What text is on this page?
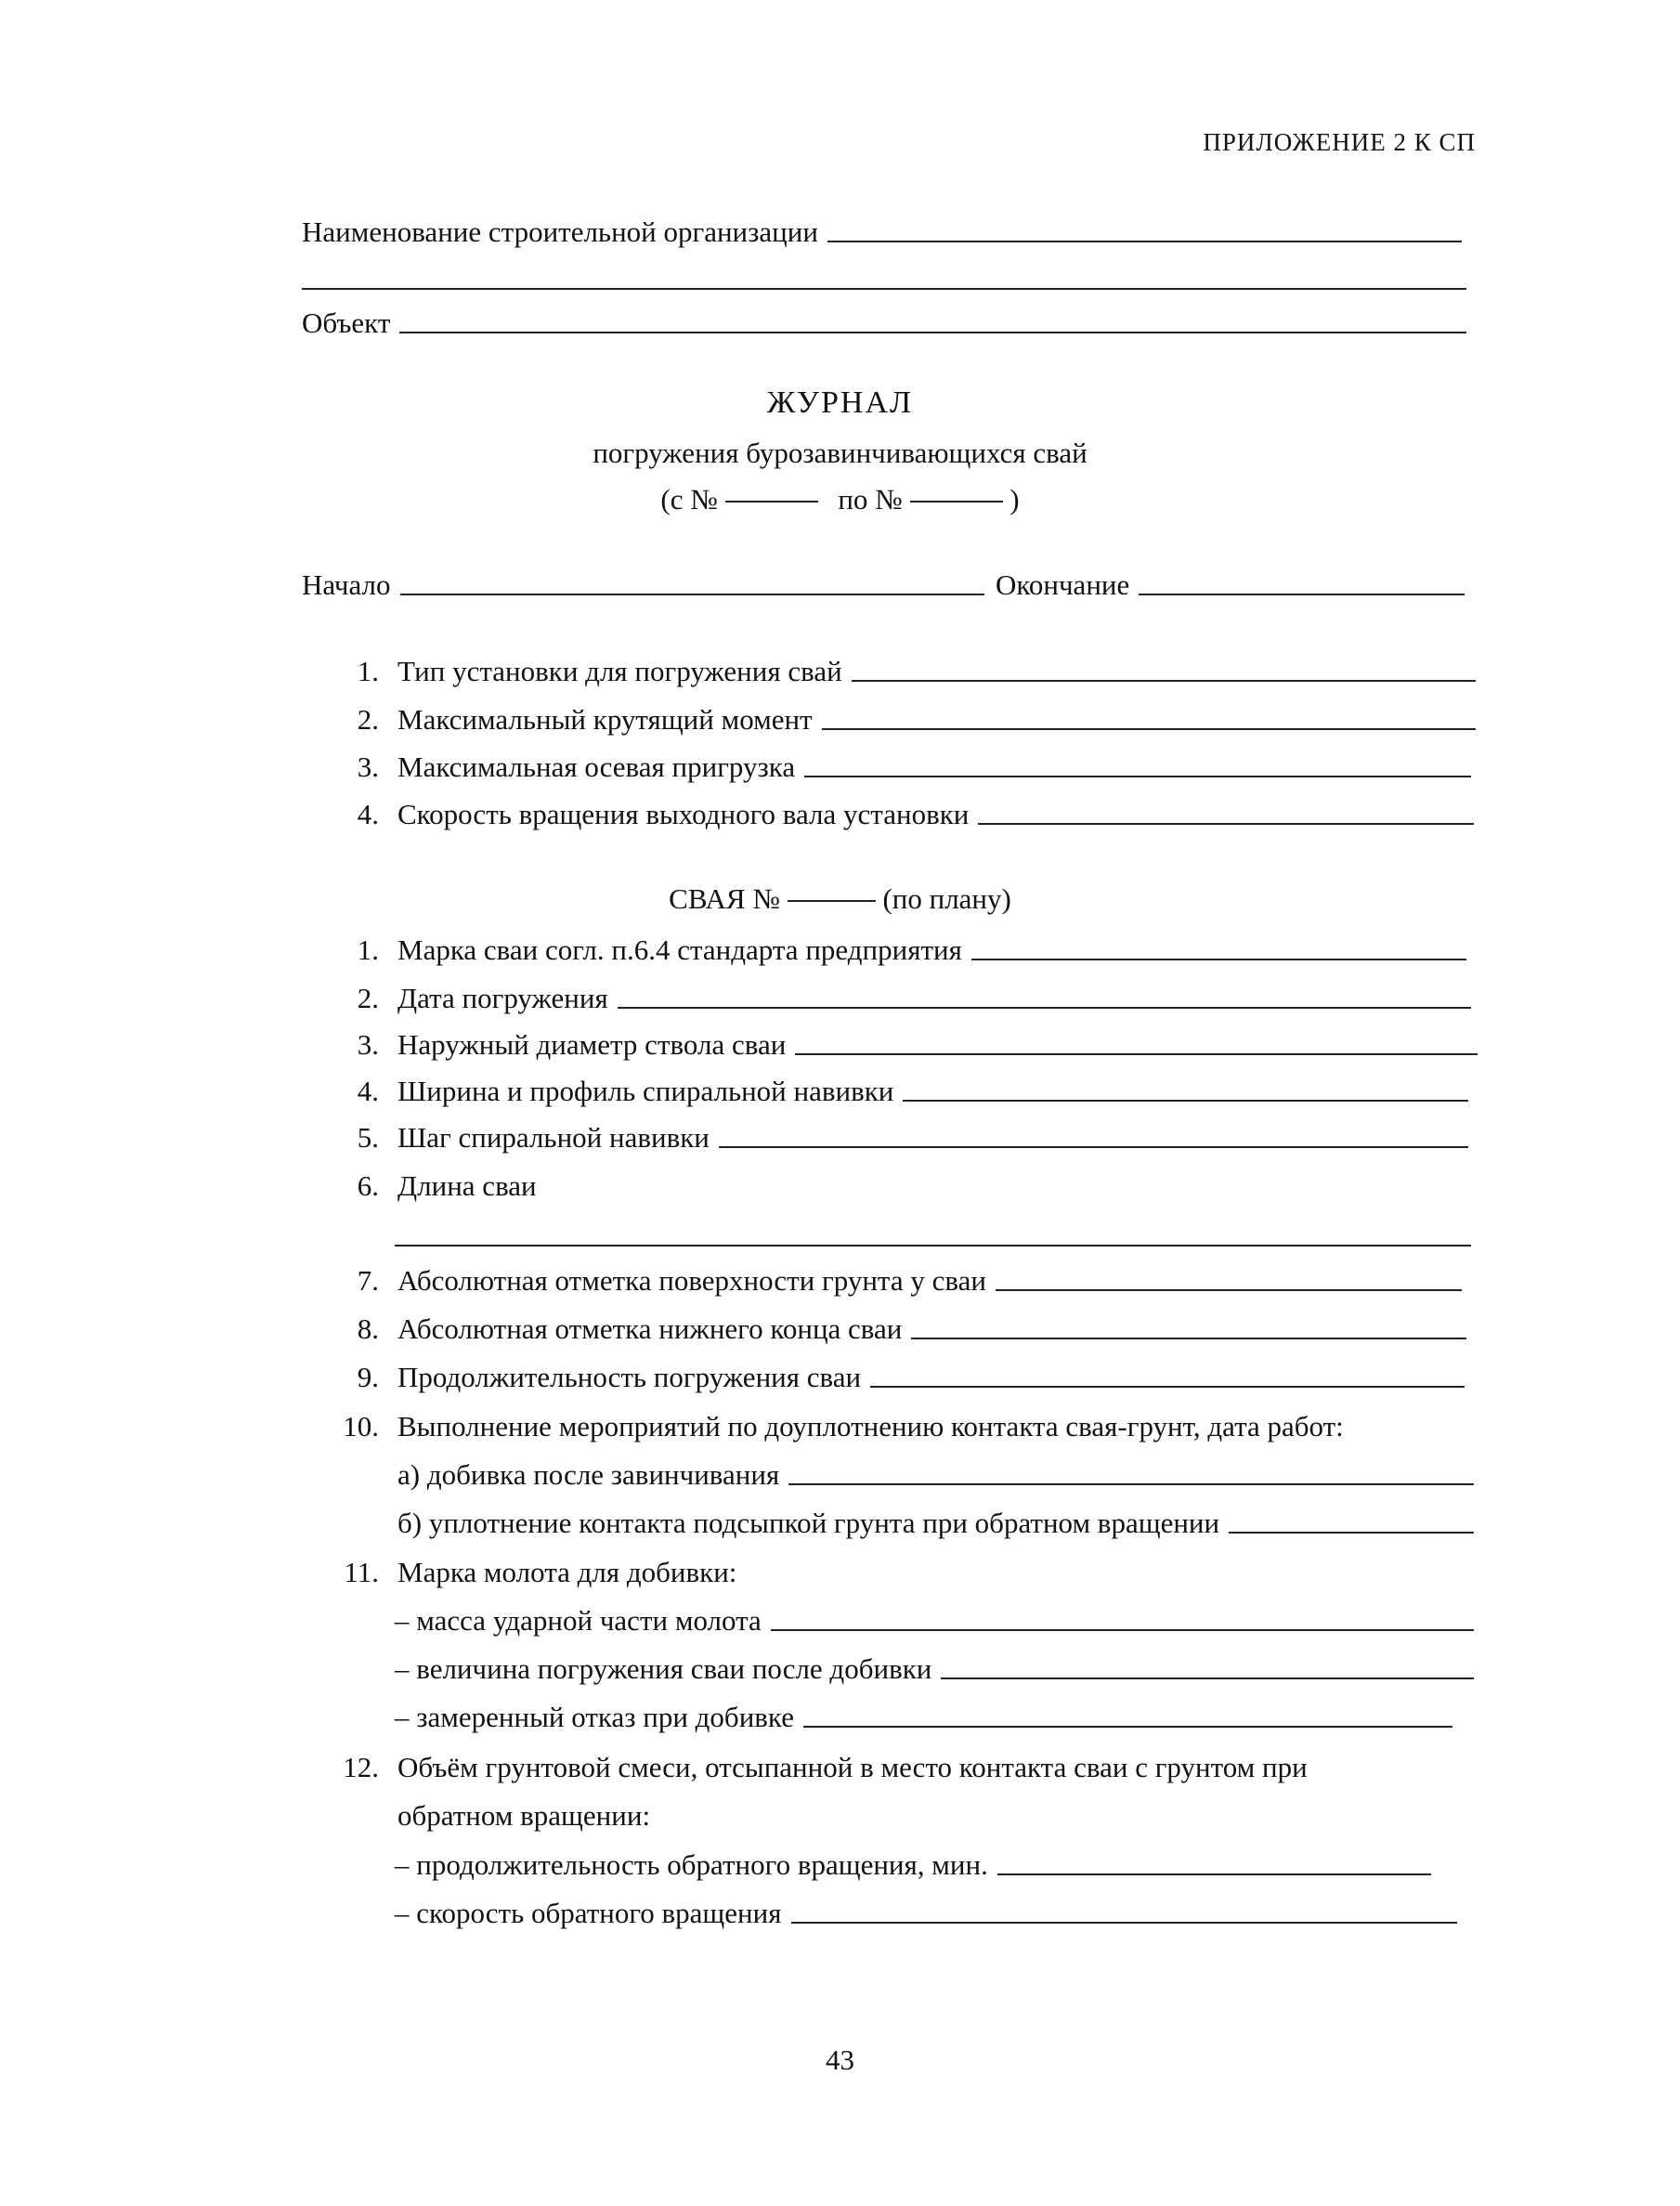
ПРИЛОЖЕНИЕ 2 К СП
Наименование строительной организации
Объект
ЖУРНАЛ
погружения бурозавинчивающихся свай
(с №	по №	)
Начало	Окончание
1. Тип установки для погружения свай
2. Максимальный крутящий момент
3. Максимальная осевая пригрузка
4. Скорость вращения выходного вала установки
СВАЯ №	(по плану)
1. Марка сваи согл. п.6.4 стандарта предприятия
2. Дата погружения
3. Наружный диаметр ствола сваи
4. Ширина и профиль спиральной навивки
5. Шаг спиральной навивки
6. Длина сваи
7. Абсолютная отметка поверхности грунта у сваи
8. Абсолютная отметка нижнего конца сваи
9. Продолжительность погружения сваи
10. Выполнение мероприятий по доуплотнению контакта свая-грунт, дата работ:
а) добивка после завинчивания
б) уплотнение контакта подсыпкой грунта при обратном вращении
11. Марка молота для добивки:
– масса ударной части молота
– величина погружения сваи после добивки
– замеренный отказ при добивке
12. Объём грунтовой смеси, отсыпанной в место контакта сваи с грунтом при
обратном вращении:
– продолжительность обратного вращения, мин.
– скорость обратного вращения
43
